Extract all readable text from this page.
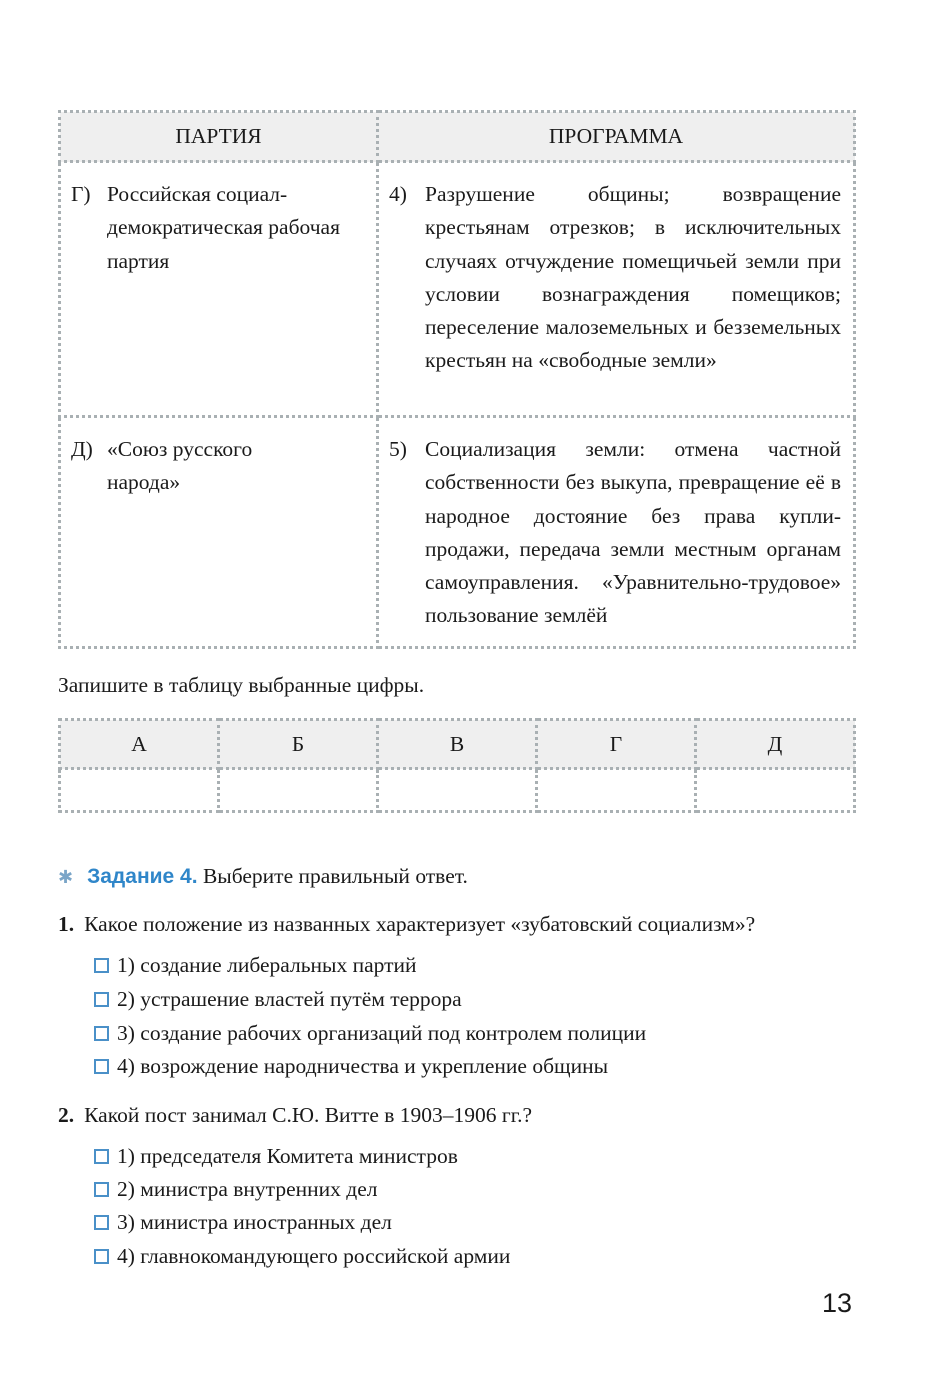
ПАРТИЯ	ПРОГРАММА

Г) Российская социал-демократическая рабочая партия	4) Разрушение общины; возвращение крестьянам отрезков; в исключительных случаях отчуждение помещичьей земли при условии вознаграждения помещиков; переселение малоземельных и безземельных крестьян на «свободные земли»

Д) «Союз русского народа»	5) Социализация земли: отмена частной собственности без выкупа, превращение её в народное достояние без права купли-продажи, передача земли местным органам самоуправления. «Уравнительно-трудовое» пользование землёй
Запишите в таблицу выбранные цифры.
А	Б	В	Г	Д

✱ Задание 4. Выберите правильный ответ.
1. Какое положение из названных характеризует «зубатовский социализм»?
1) создание либеральных партий
2) устрашение властей путём террора
3) создание рабочих организаций под контролем полиции
4) возрождение народничества и укрепление общины
2. Какой пост занимал С.Ю. Витте в 1903–1906 гг.?
1) председателя Комитета министров
2) министра внутренних дел
3) министра иностранных дел
4) главнокомандующего российской армии
13
